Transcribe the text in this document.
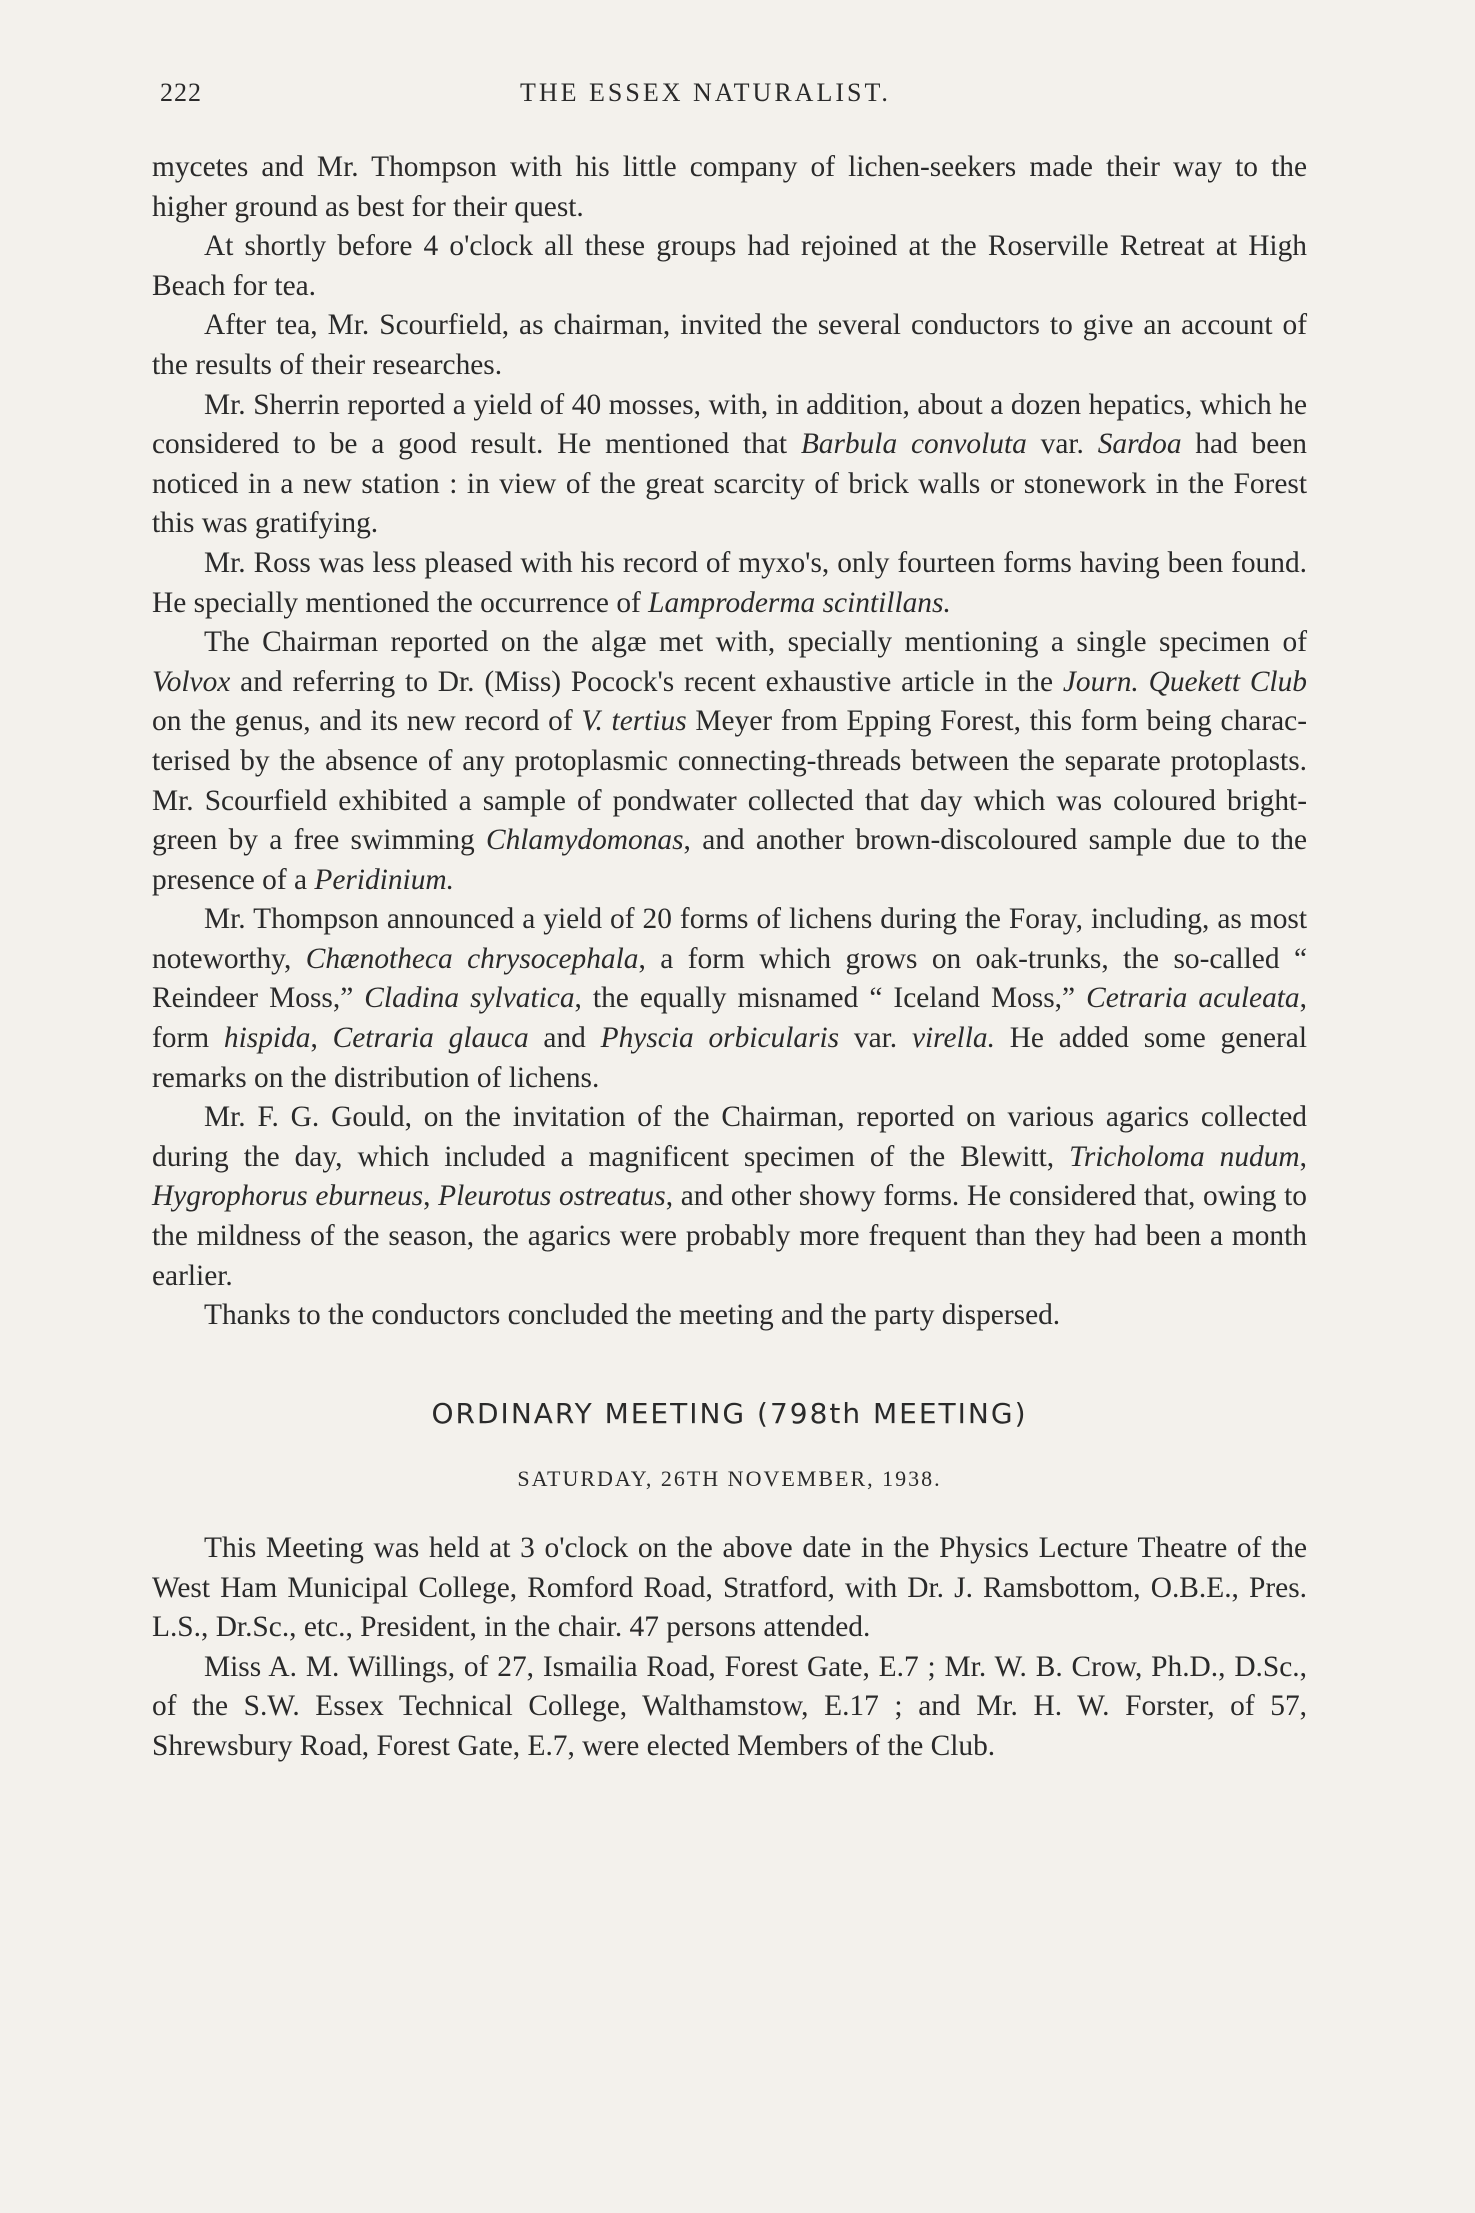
222	THE ESSEX NATURALIST.

mycetes and Mr. Thompson with his little company of lichen-seekers made their way to the higher ground as best for their quest.

At shortly before 4 o'clock all these groups had rejoined at the Roserville Retreat at High Beach for tea.

After tea, Mr. Scourfield, as chairman, invited the several conductors to give an account of the results of their researches.

Mr. Sherrin reported a yield of 40 mosses, with, in addition, about a dozen hepatics, which he considered to be a good result. He mentioned that Barbula convoluta var. Sardoa had been noticed in a new station : in view of the great scarcity of brick walls or stonework in the Forest this was gratifying.

Mr. Ross was less pleased with his record of myxo's, only fourteen forms having been found. He specially mentioned the occurrence of Lamproderma scintillans.

The Chairman reported on the algæ met with, specially mentioning a single specimen of Volvox and referring to Dr. (Miss) Pocock's recent exhaustive article in the Journ. Quekett Club on the genus, and its new record of V. tertius Meyer from Epping Forest, this form being characterised by the absence of any protoplasmic connecting-threads between the separate protoplasts. Mr. Scourfield exhibited a sample of pondwater collected that day which was coloured bright-green by a free swimming Chlamydomonas, and another brown-discoloured sample due to the presence of a Peridinium.

Mr. Thompson announced a yield of 20 forms of lichens during the Foray, including, as most noteworthy, Chænotheca chrysocephala, a form which grows on oak-trunks, the so-called “ Reindeer Moss,” Cladina sylvatica, the equally misnamed “ Iceland Moss,” Cetraria aculeata, form hispida, Cetraria glauca and Physcia orbicularis var. virella. He added some general remarks on the distribution of lichens.

Mr. F. G. Gould, on the invitation of the Chairman, reported on various agarics collected during the day, which included a magnificent specimen of the Blewitt, Tricholoma nudum, Hygrophorus eburneus, Pleurotus ostreatus, and other showy forms. He considered that, owing to the mildness of the season, the agarics were probably more frequent than they had been a month earlier.

Thanks to the conductors concluded the meeting and the party dispersed.

ORDINARY MEETING (798th MEETING)
SATURDAY, 26TH NOVEMBER, 1938.

This Meeting was held at 3 o'clock on the above date in the Physics Lecture Theatre of the West Ham Municipal College, Romford Road, Stratford, with Dr. J. Ramsbottom, O.B.E., Pres. L.S., Dr.Sc., etc., President, in the chair. 47 persons attended.

Miss A. M. Willings, of 27, Ismailia Road, Forest Gate, E.7 ; Mr. W. B. Crow, Ph.D., D.Sc., of the S.W. Essex Technical College, Walthamstow, E.17 ; and Mr. H. W. Forster, of 57, Shrewsbury Road, Forest Gate, E.7, were elected Members of the Club.
